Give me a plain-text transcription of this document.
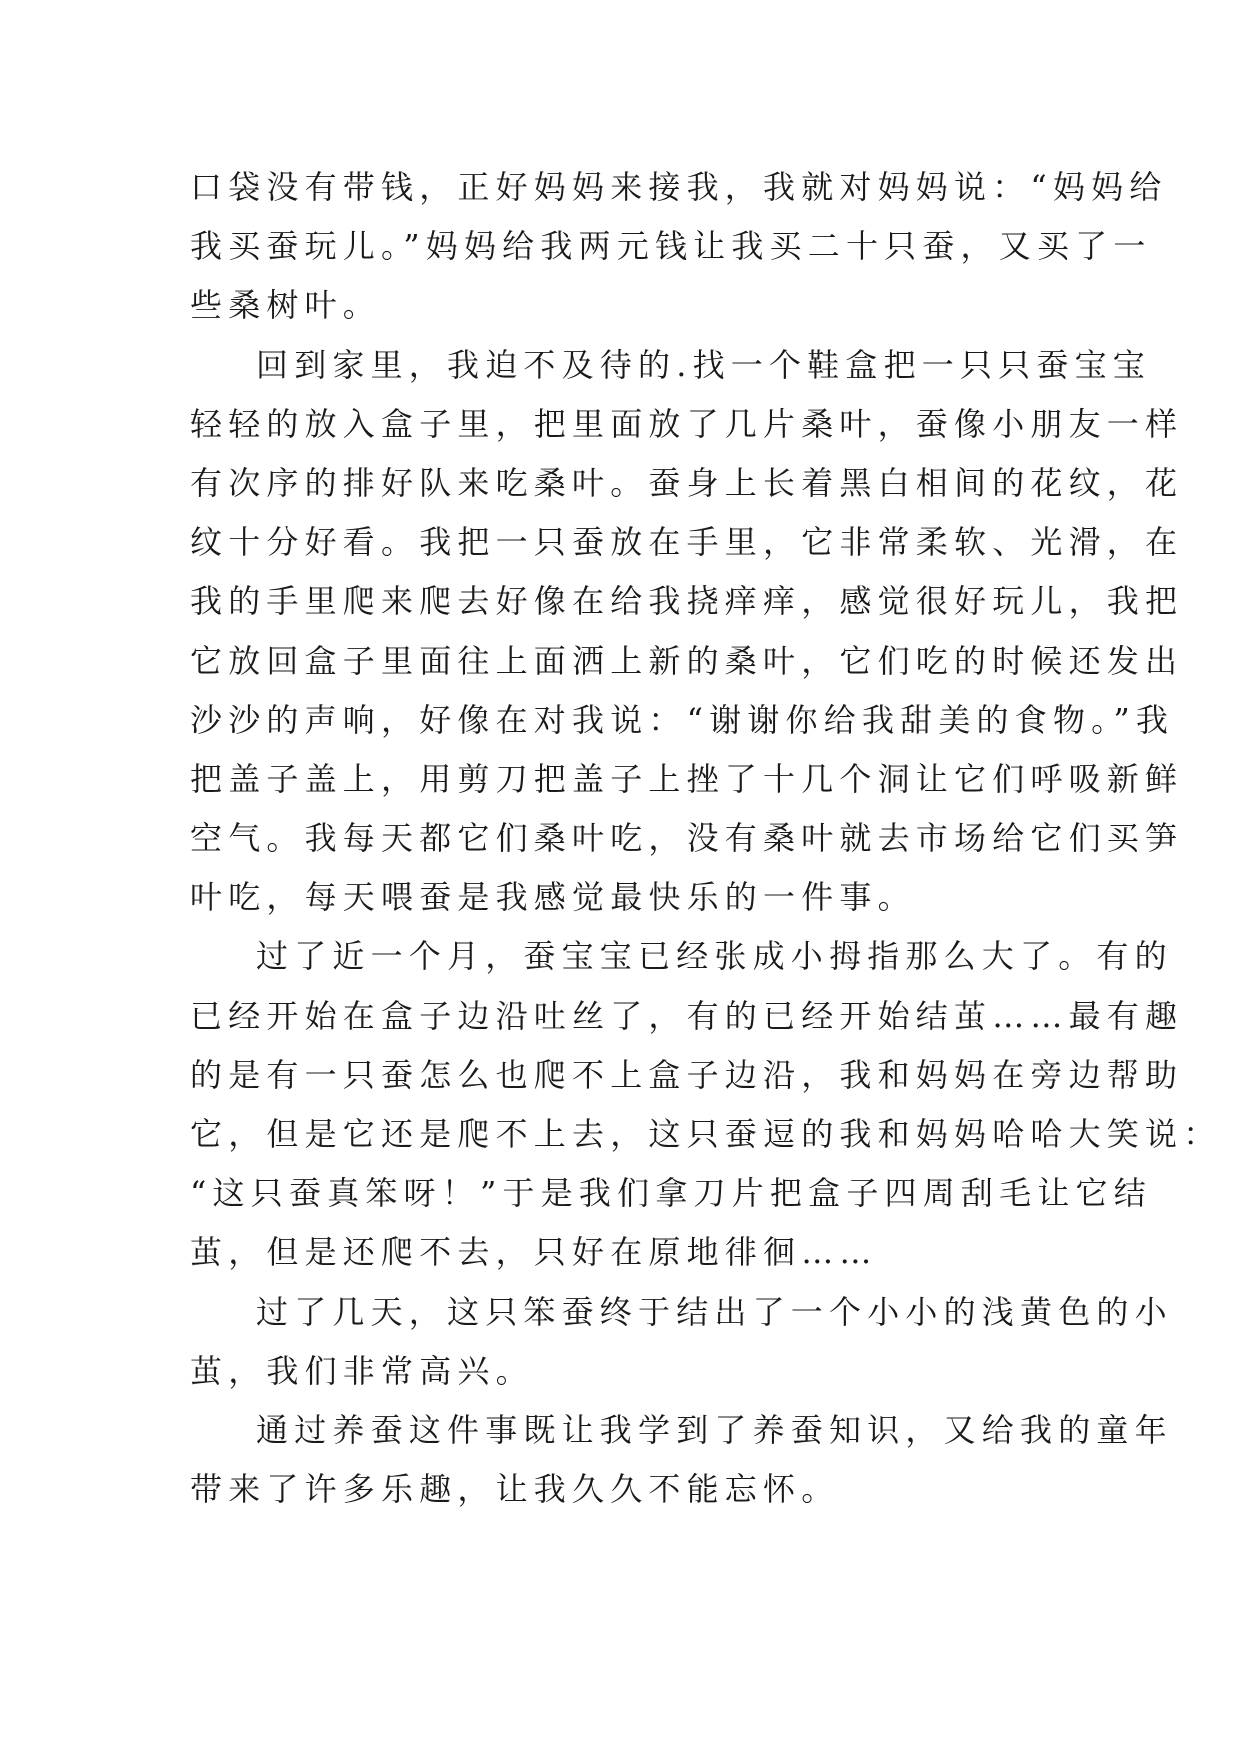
口袋没有带钱，正好妈妈来接我，我就对妈妈说：“妈妈给
我买蚕玩儿。”妈妈给我两元钱让我买二十只蚕，又买了一
些桑树叶。
回到家里，我迫不及待的.找一个鞋盒把一只只蚕宝宝
轻轻的放入盒子里，把里面放了几片桑叶，蚕像小朋友一样
有次序的排好队来吃桑叶。蚕身上长着黑白相间的花纹，花
纹十分好看。我把一只蚕放在手里，它非常柔软、光滑，在
我的手里爬来爬去好像在给我挠痒痒，感觉很好玩儿，我把
它放回盒子里面往上面洒上新的桑叶，它们吃的时候还发出
沙沙的声响，好像在对我说：“谢谢你给我甜美的食物。”我
把盖子盖上，用剪刀把盖子上挫了十几个洞让它们呼吸新鲜
空气。我每天都它们桑叶吃，没有桑叶就去市场给它们买笋
叶吃，每天喂蚕是我感觉最快乐的一件事。
过了近一个月，蚕宝宝已经张成小拇指那么大了。有的
已经开始在盒子边沿吐丝了，有的已经开始结茧……最有趣
的是有一只蚕怎么也爬不上盒子边沿，我和妈妈在旁边帮助
它，但是它还是爬不上去，这只蚕逗的我和妈妈哈哈大笑说：
“这只蚕真笨呀！”于是我们拿刀片把盒子四周刮毛让它结
茧，但是还爬不去，只好在原地徘徊……
过了几天，这只笨蚕终于结出了一个小小的浅黄色的小
茧，我们非常高兴。
通过养蚕这件事既让我学到了养蚕知识，又给我的童年
带来了许多乐趣，让我久久不能忘怀。
